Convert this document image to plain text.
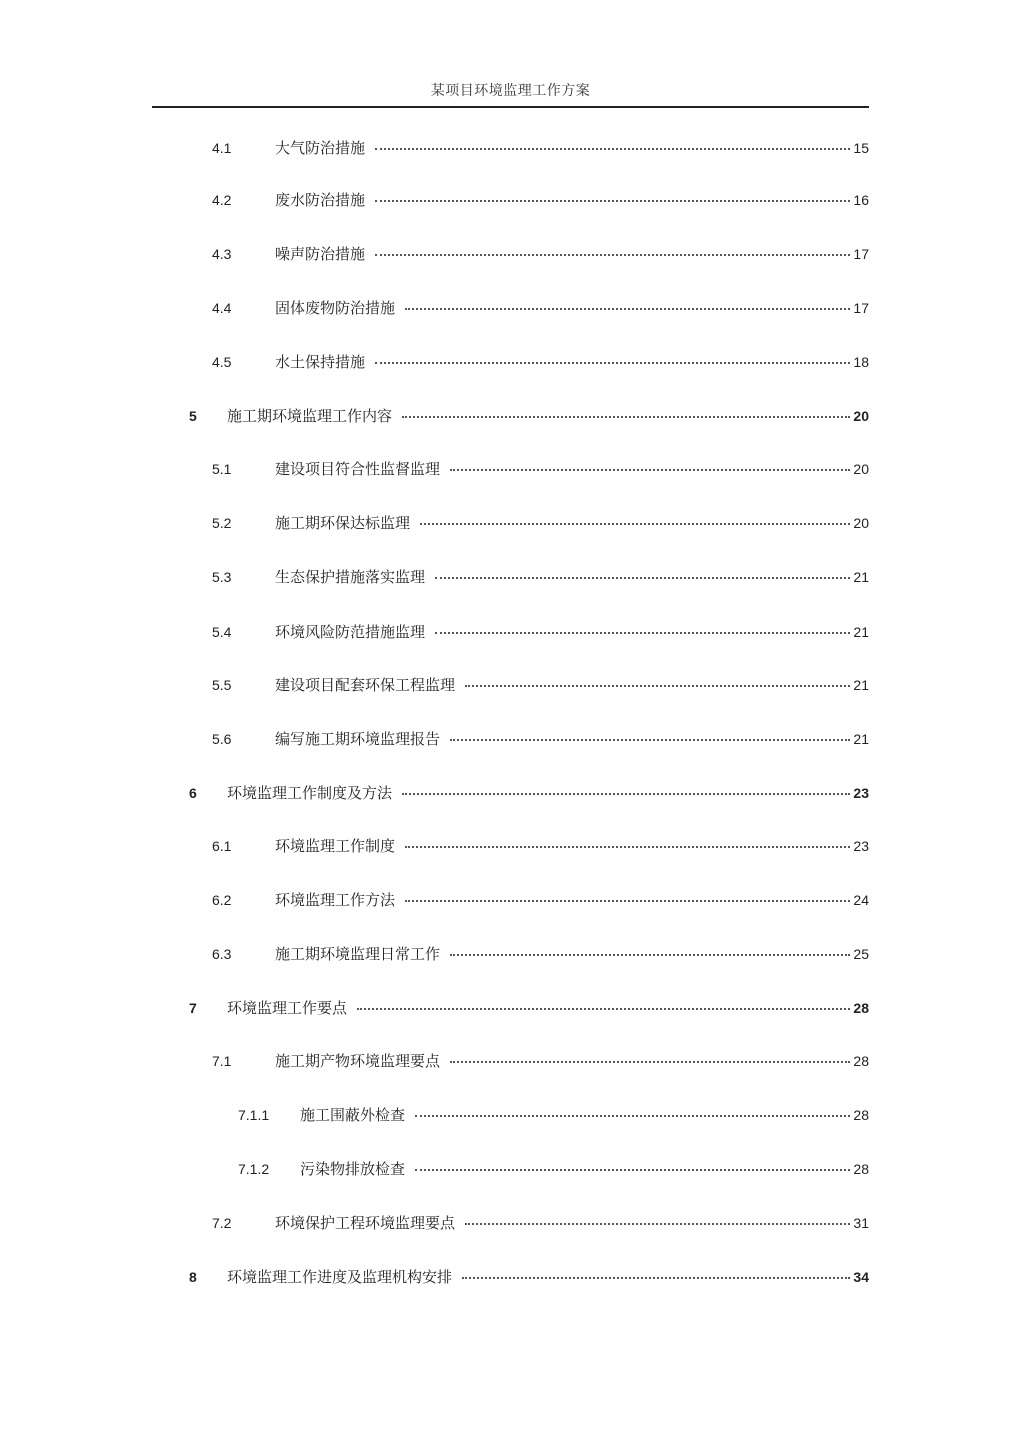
某项目环境监理工作方案
4.1	大气防治措施	15
4.2	废水防治措施	16
4.3	噪声防治措施	17
4.4	固体废物防治措施	17
4.5	水土保持措施	18
5	施工期环境监理工作内容	20
5.1	建设项目符合性监督监理	20
5.2	施工期环保达标监理	20
5.3	生态保护措施落实监理	21
5.4	环境风险防范措施监理	21
5.5	建设项目配套环保工程监理	21
5.6	编写施工期环境监理报告	21
6	环境监理工作制度及方法	23
6.1	环境监理工作制度	23
6.2	环境监理工作方法	24
6.3	施工期环境监理日常工作	25
7	环境监理工作要点	28
7.1	施工期产物环境监理要点	28
7.1.1	施工围蔽外检查	28
7.1.2	污染物排放检查	28
7.2	环境保护工程环境监理要点	31
8	环境监理工作进度及监理机构安排	34
